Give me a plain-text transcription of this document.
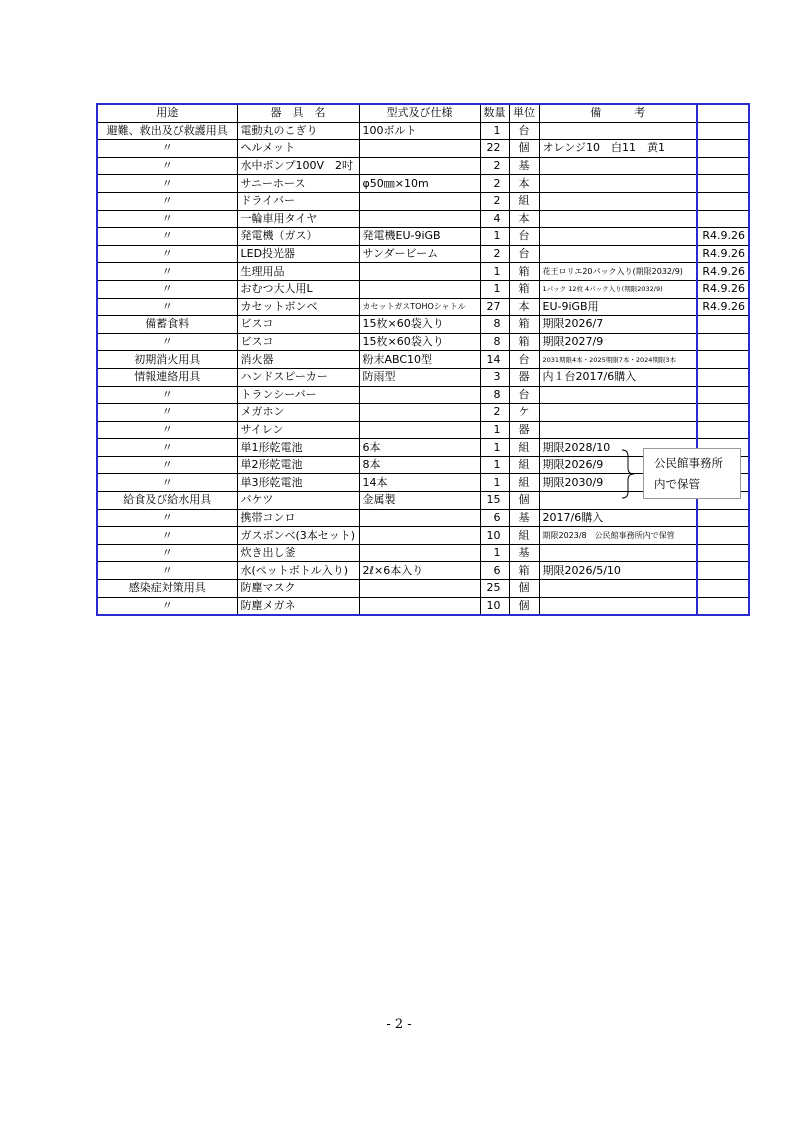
用途	器　具　名	型式及び仕様	数量	単位	備　　　考	
避難、救出及び救護用具	電動丸のこぎり	100ボルト	1	台		
〃	ヘルメット		22	個	オレンジ10　白11　黄1	
〃	水中ポンプ100V　2吋		2	基		
〃	サニーホース	φ50㎜×10m	2	本		
〃	ドライバー		2	組		
〃	一輪車用タイヤ		4	本		
〃	発電機（ガス）	発電機EU-9iGB	1	台		R4.9.26
〃	LED投光器	サンダービーム	2	台		R4.9.26
〃	生理用品		1	箱	花王ロリエ20パック入り(期限2032/9)	R4.9.26
〃	おむつ大人用L		1	箱	1パック 12枚 4パック入り(期限2032/9)	R4.9.26
〃	カセットボンベ	カセットガスTOHOシャトル	27	本	EU-9iGB用	R4.9.26
備蓄食料	ビスコ	15枚×60袋入り	8	箱	期限2026/7	
〃	ビスコ	15枚×60袋入り	8	箱	期限2027/9	
初期消火用具	消火器	粉末ABC10型	14	台	2031期限4本・2025期限7本・2024期限3本	
情報連絡用具	ハンドスピーカー	防雨型	3	器	内１台2017/6購入	
〃	トランシーバー		8	台		
〃	メガホン		2	ケ		
〃	サイレン		1	器		
〃	単1形乾電池	6本	1	組	期限2028/10	
〃	単2形乾電池	8本	1	組	期限2026/9	
〃	単3形乾電池	14本	1	組	期限2030/9	
給食及び給水用具	バケツ	金属製	15	個		
〃	携帯コンロ		6	基	2017/6購入	
〃	ガスボンベ(3本セット)		10	組	期限2023/8　公民館事務所内で保管	
〃	炊き出し釜		1	基		
〃	水(ペットボトル入り)	2ℓ×6本入り	6	箱	期限2026/5/10	
感染症対策用具	防塵マスク		25	個		
〃	防塵メガネ		10	個		
公民館事務所
内で保管
- 2 -
